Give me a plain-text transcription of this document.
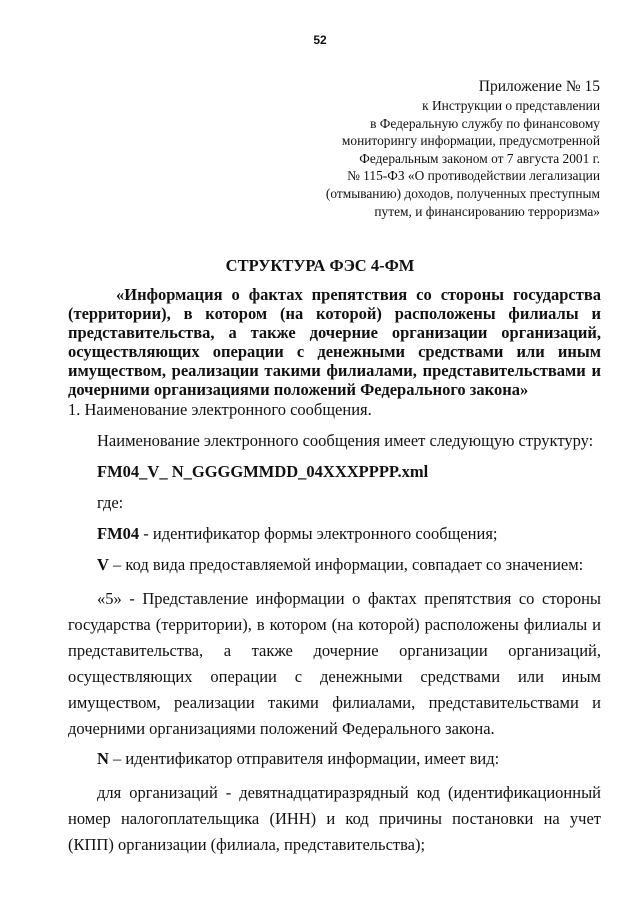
52
Приложение № 15
к Инструкции о представлении
в Федеральную службу по финансовому
мониторингу информации, предусмотренной
Федеральным законом от 7 августа 2001 г.
№ 115-ФЗ «О противодействии легализации
(отмыванию) доходов, полученных преступным
путем, и финансированию терроризма»
СТРУКТУРА ФЭС 4-ФМ
«Информация о фактах препятствия со стороны государства (территории), в котором (на которой) расположены филиалы и представительства, а также дочерние организации организаций, осуществляющих операции с денежными средствами или иным имуществом, реализации такими филиалами, представительствами и дочерними организациями положений Федерального закона»

1. Наименование электронного сообщения.

Наименование электронного сообщения имеет следующую структуру:

FM04_V_ N_GGGGMMDD_04XXXPPPP.xml

где:

FM04 - идентификатор формы электронного сообщения;

V – код вида предоставляемой информации, совпадает со значением:

«5» - Представление информации о фактах препятствия со стороны государства (территории), в котором (на которой) расположены филиалы и представительства, а также дочерние организации организаций, осуществляющих операции с денежными средствами или иным имуществом, реализации такими филиалами, представительствами и дочерними организациями положений Федерального закона.

N – идентификатор отправителя информации, имеет вид:

для организаций - девятнадцатиразрядный код (идентификационный номер налогоплательщика (ИНН) и код причины постановки на учет (КПП) организации (филиала, представительства);
